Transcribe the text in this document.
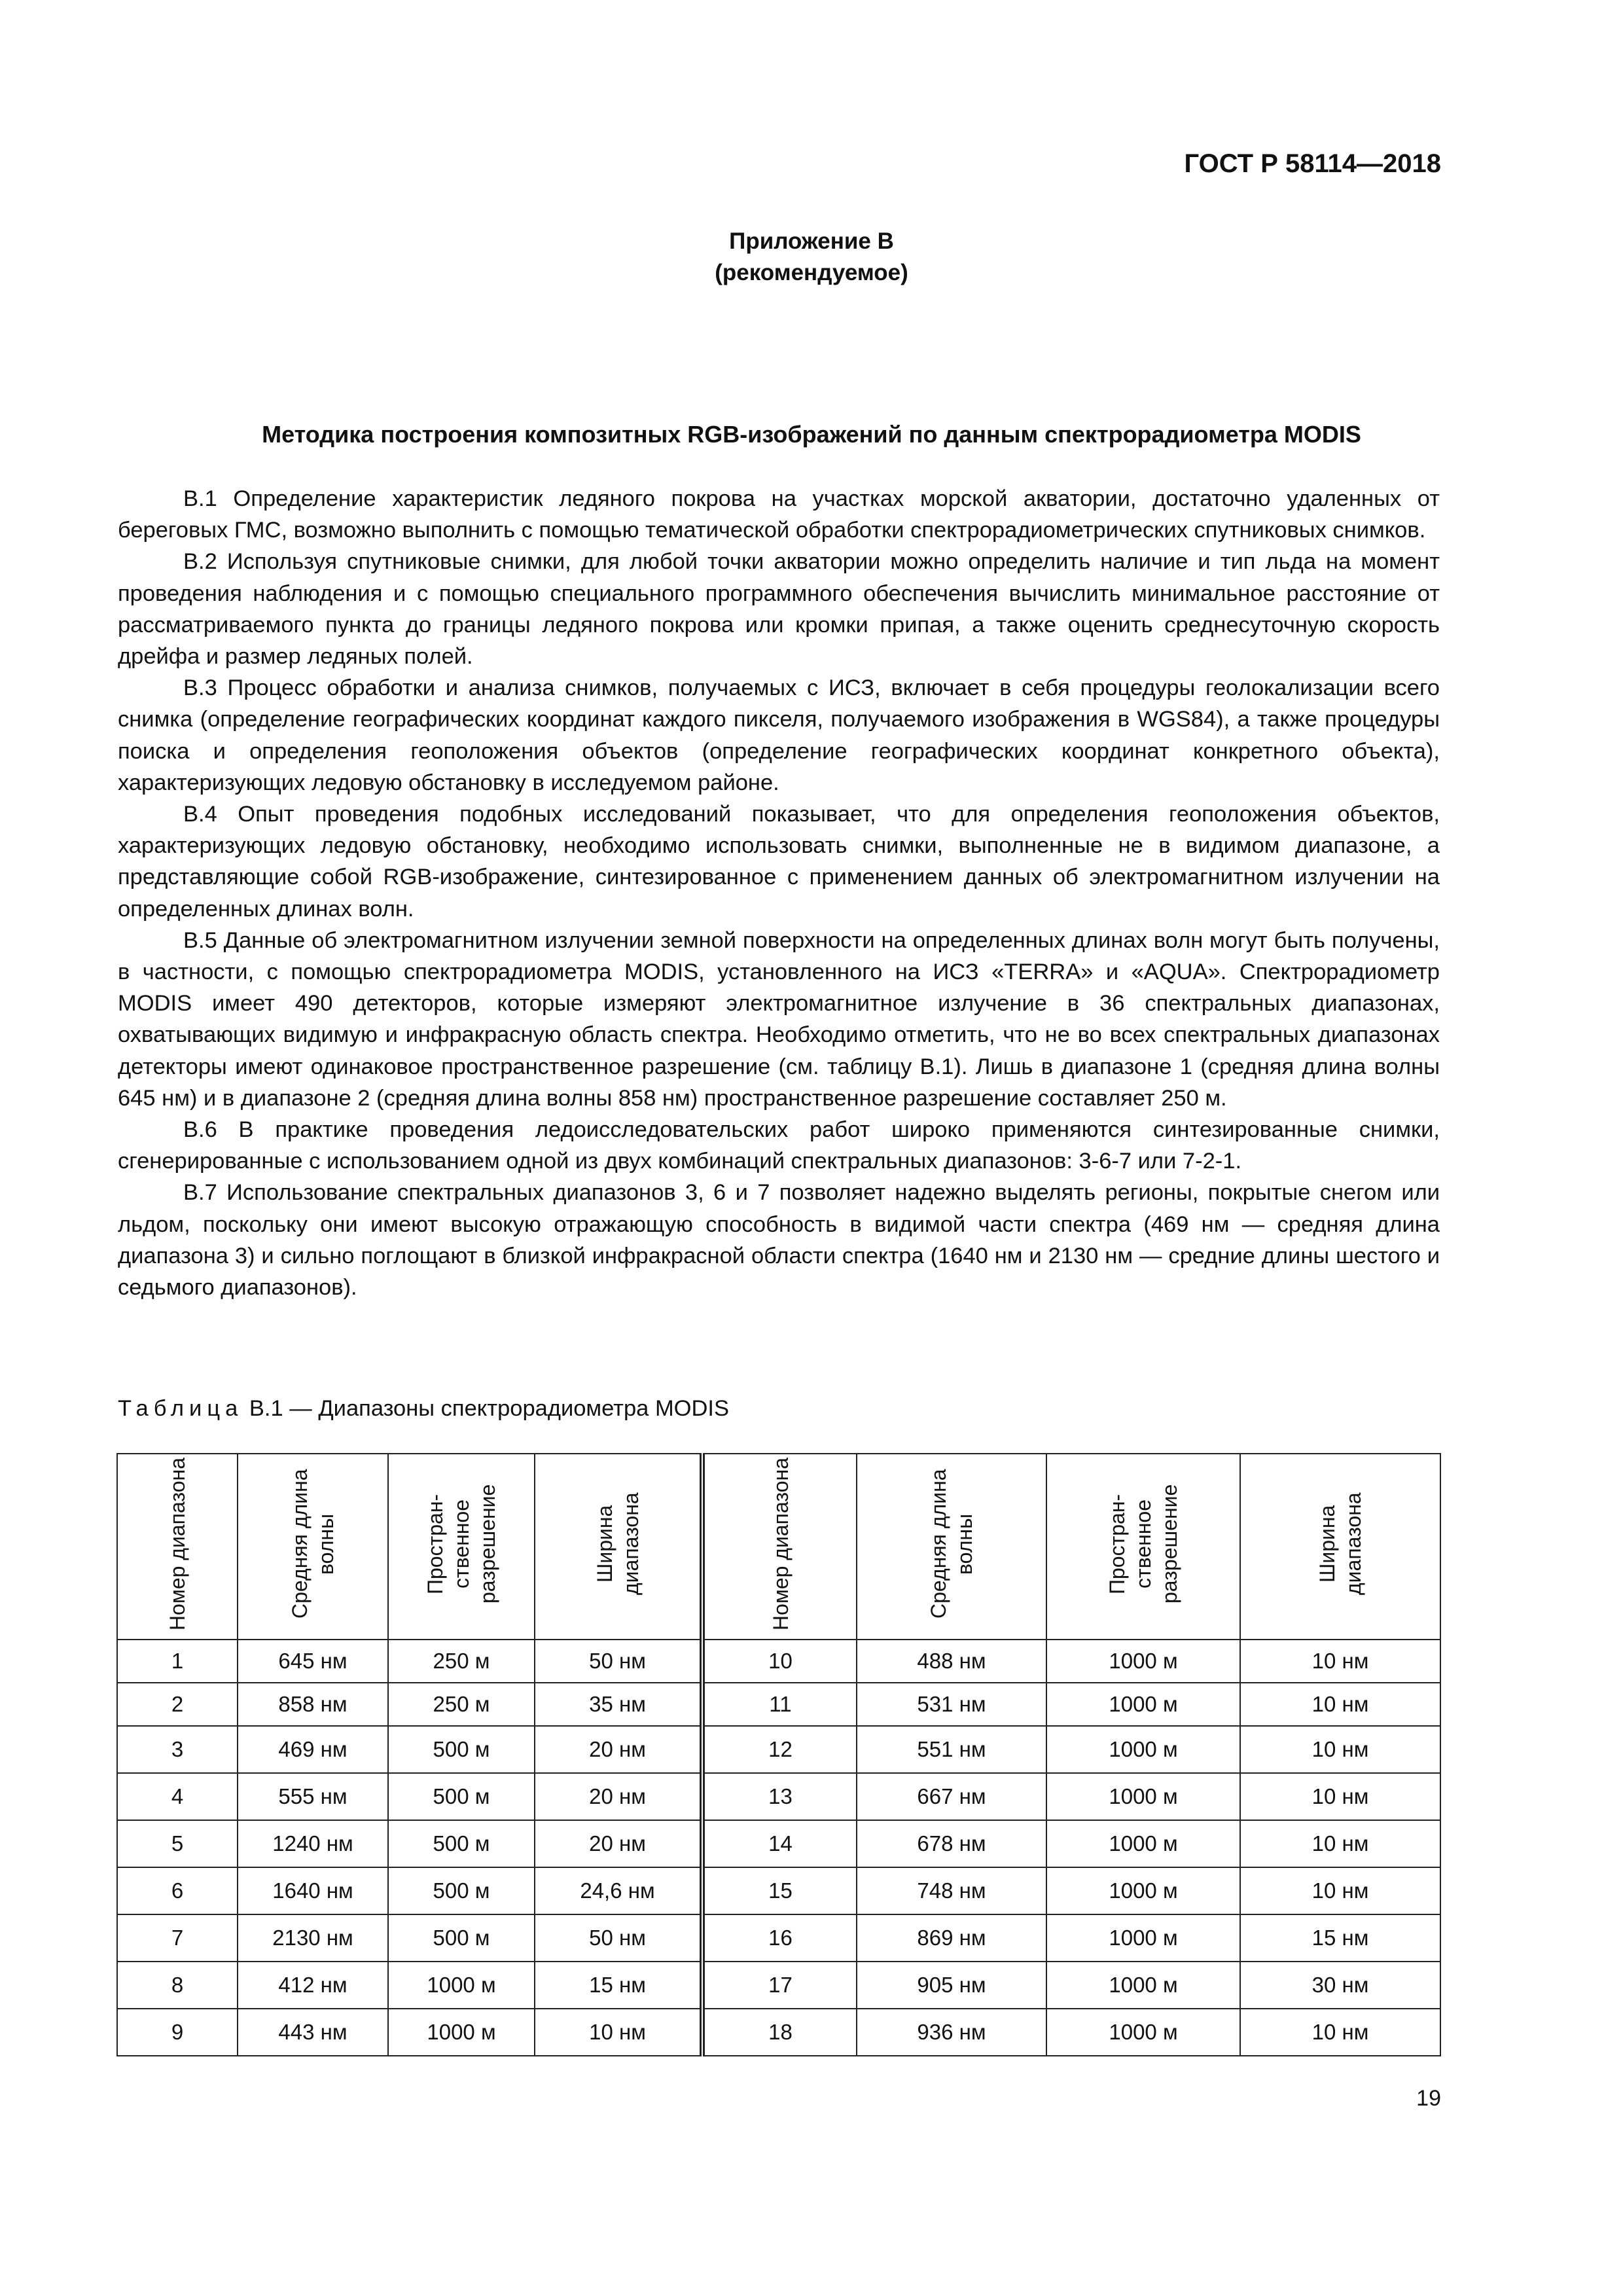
ГОСТ Р 58114—2018
Приложение В
(рекомендуемое)
Методика построения композитных RGB-изображений по данным спектрорадиометра MODIS

В.1 Определение характеристик ледяного покрова на участках морской акватории, достаточно удаленных от береговых ГМС, возможно выполнить с помощью тематической обработки спектрорадиометрических спутниковых снимков.

В.2 Используя спутниковые снимки, для любой точки акватории можно определить наличие и тип льда на момент проведения наблюдения и с помощью специального программного обеспечения вычислить минимальное расстояние от рассматриваемого пункта до границы ледяного покрова или кромки припая, а также оценить среднесуточную скорость дрейфа и размер ледяных полей.

В.3 Процесс обработки и анализа снимков, получаемых с ИСЗ, включает в себя процедуры геолокализации всего снимка (определение географических координат каждого пикселя, получаемого изображения в WGS84), а также процедуры поиска и определения геоположения объектов (определение географических координат конкретного объекта), характеризующих ледовую обстановку в исследуемом районе.

В.4 Опыт проведения подобных исследований показывает, что для определения геоположения объектов, характеризующих ледовую обстановку, необходимо использовать снимки, выполненные не в видимом диапазоне, а представляющие собой RGB-изображение, синтезированное с применением данных об электромагнитном излучении на определенных длинах волн.

В.5 Данные об электромагнитном излучении земной поверхности на определенных длинах волн могут быть получены, в частности, с помощью спектрорадиометра MODIS, установленного на ИСЗ «TERRA» и «AQUA». Спектрорадиометр MODIS имеет 490 детекторов, которые измеряют электромагнитное излучение в 36 спектральных диапазонах, охватывающих видимую и инфракрасную область спектра. Необходимо отметить, что не во всех спектральных диапазонах детекторы имеют одинаковое пространственное разрешение (см. таблицу В.1). Лишь в диапазоне 1 (средняя длина волны 645 нм) и в диапазоне 2 (средняя длина волны 858 нм) пространственное разрешение составляет 250 м.

В.6 В практике проведения ледоисследовательских работ широко применяются синтезированные снимки, сгенерированные с использованием одной из двух комбинаций спектральных диапазонов: 3-6-7 или 7-2-1.

В.7 Использование спектральных диапазонов 3, 6 и 7 позволяет надежно выделять регионы, покрытые снегом или льдом, поскольку они имеют высокую отражающую способность в видимой части спектра (469 нм — средняя длина диапазона 3) и сильно поглощают в близкой инфракрасной области спектра (1640 нм и 2130 нм — средние длины шестого и седьмого диапазонов).

Таблица В.1 — Диапазоны спектрорадиометра MODIS
Номер диапазона	Средняя длина волны	Простран- ственное разрешение	Ширина диапазона	Номер диапазона	Средняя длина волны	Простран- ственное разрешение	Ширина диапазона
1	645 нм	250 м	50 нм	10	488 нм	1000 м	10 нм
2	858 нм	250 м	35 нм	11	531 нм	1000 м	10 нм
3	469 нм	500 м	20 нм	12	551 нм	1000 м	10 нм
4	555 нм	500 м	20 нм	13	667 нм	1000 м	10 нм
5	1240 нм	500 м	20 нм	14	678 нм	1000 м	10 нм
6	1640 нм	500 м	24,6 нм	15	748 нм	1000 м	10 нм
7	2130 нм	500 м	50 нм	16	869 нм	1000 м	15 нм
8	412 нм	1000 м	15 нм	17	905 нм	1000 м	30 нм
9	443 нм	1000 м	10 нм	18	936 нм	1000 м	10 нм
19
